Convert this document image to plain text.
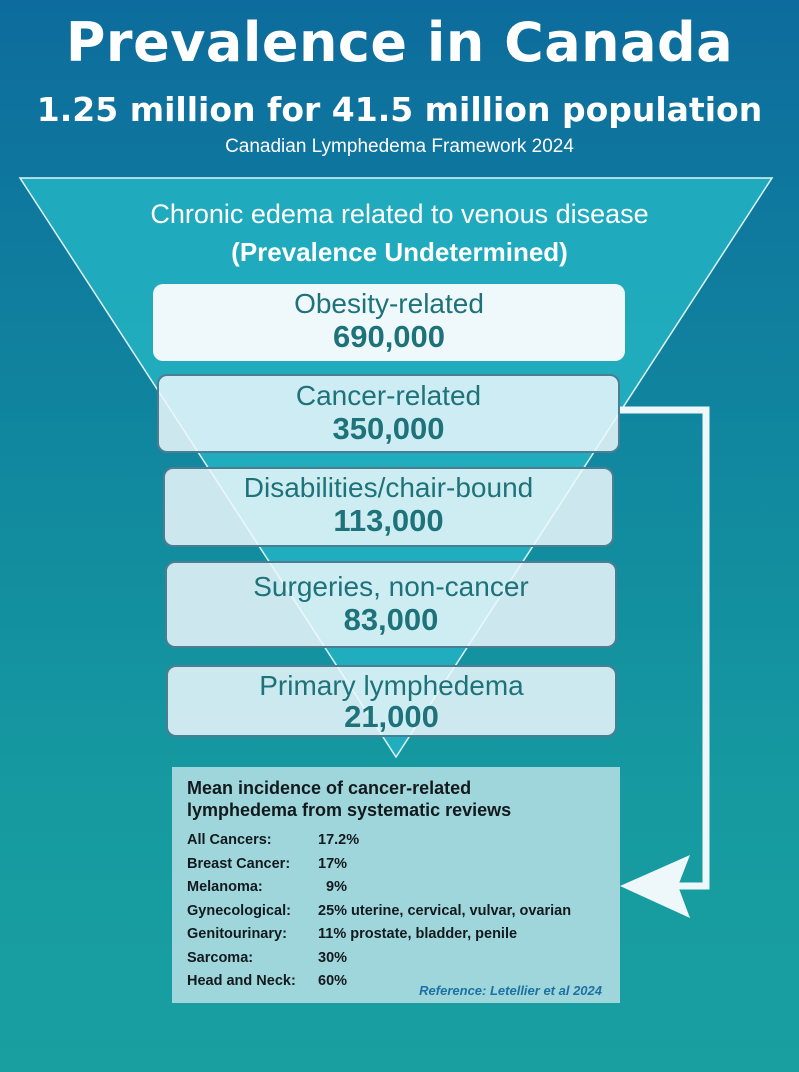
Prevalence in Canada
1.25 million for 41.5 million population
Canadian Lymphedema Framework 2024
Chronic edema related to venous disease
(Prevalence Undetermined)
Obesity-related
690,000
Cancer-related
350,000
Disabilities/chair-bound
113,000
Surgeries, non-cancer
83,000
Primary lymphedema
21,000
Mean incidence of cancer-related
lymphedema from systematic reviews
All Cancers:	17.2%
Breast Cancer:	17%
Melanoma:	9%
Gynecological:	25% uterine, cervical, vulvar, ovarian
Genitourinary:	11% prostate, bladder, penile
Sarcoma:	30%
Head and Neck:	60%
Reference: Letellier et al 2024
